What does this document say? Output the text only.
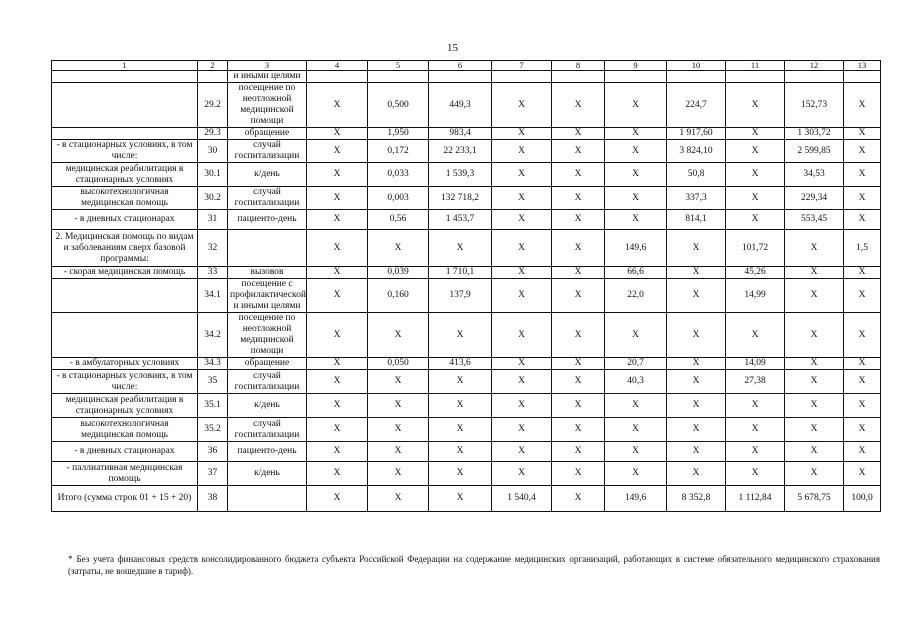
15
1	2	3	4	5	6	7	8	9	10	11	12	13
		и иными целями										
	29.2	посещение по неотложной медицинской помощи	X	0,500	449,3	X	X	X	224,7	X	152,73	X
	29.3	обращение	X	1,950	983,4	X	X	X	1 917,60	X	1 303,72	X
- в стационарных условиях, в том числе:	30	случай госпитализации	X	0,172	22 233,1	X	X	X	3 824,10	X	2 599,85	X
медицинская реабилитация в стационарных условиях	30.1	к/день	X	0,033	1 539,3	X	X	X	50,8	X	34,53	X
высокотехнологичная медицинская помощь	30.2	случай госпитализации	X	0,003	132 718,2	X	X	X	337,3	X	229,34	X
- в дневных стационарах	31	пациенто-день	X	0,56	1 453,7	X	X	X	814,1	X	553,45	X
2. Медицинская помощь по видам и заболеваниям сверх базовой программы:	32		X	X	X	X	X	149,6	X	101,72	X	1,5
- скорая медицинская помощь	33	вызовов	X	0,039	1 710,1	X	X	66,6	X	45,26	X	X
	34.1	посещение с профилактической и иными целями	X	0,160	137,9	X	X	22,0	X	14,99	X	X
	34.2	посещение по неотложной медицинской помощи	X	X	X	X	X	X	X	X	X	X
- в амбулаторных условиях	34.3	обращение	X	0,050	413,6	X	X	20,7	X	14,09	X	X
- в стационарных условиях, в том числе:	35	случай госпитализации	X	X	X	X	X	40,3	X	27,38	X	X
медицинская реабилитация в стационарных условиях	35.1	к/день	X	X	X	X	X	X	X	X	X	X
высокотехнологичная медицинская помощь	35.2	случай госпитализации	X	X	X	X	X	X	X	X	X	X
- в дневных стационарах	36	пациенто-день	X	X	X	X	X	X	X	X	X	X
- паллиативная медицинская помощь	37	к/день	X	X	X	X	X	X	X	X	X	X
Итого (сумма строк 01 + 15 + 20)	38		X	X	X	1 540,4	X	149,6	8 352,8	1 112,84	5 678,75	100,0
* Без учета финансовых средств консолидированного бюджета субъекта Российской Федерации на содержание медицинских организаций, работающих в системе обязательного медицинского страхования (затраты, не вошедшие в тариф).
